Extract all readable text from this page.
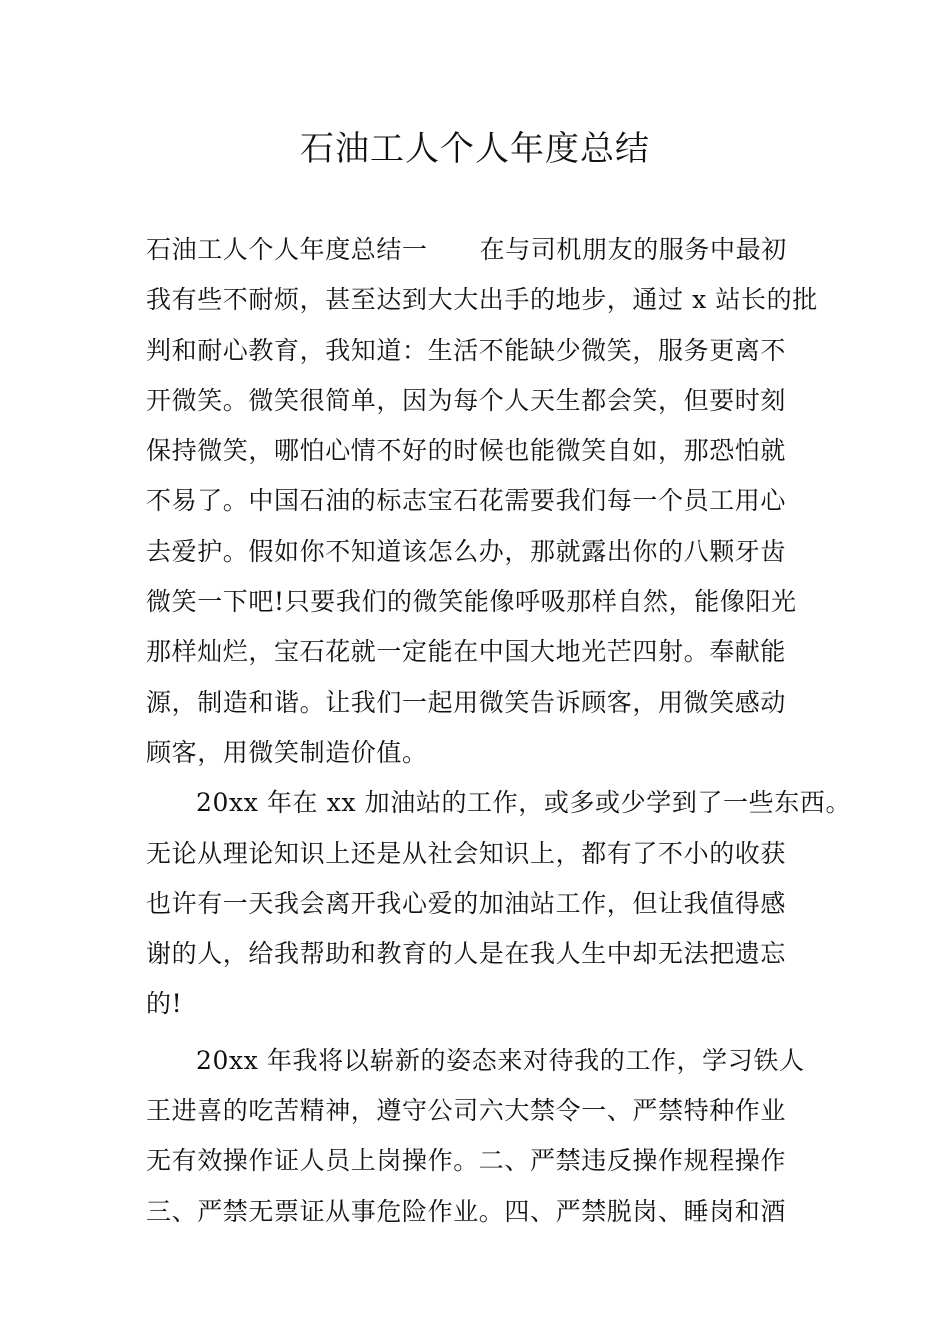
石油工人个人年度总结
石油工人个人年度总结一 在与司机朋友的服务中最初
我有些不耐烦，甚至达到大大出手的地步，通过 x 站长的批
判和耐心教育，我知道：生活不能缺少微笑，服务更离不
开微笑。微笑很简单，因为每个人天生都会笑，但要时刻
保持微笑，哪怕心情不好的时候也能微笑自如，那恐怕就
不易了。中国石油的标志宝石花需要我们每一个员工用心
去爱护。假如你不知道该怎么办，那就露出你的八颗牙齿
微笑一下吧!只要我们的微笑能像呼吸那样自然，能像阳光
那样灿烂，宝石花就一定能在中国大地光芒四射。奉献能
源，制造和谐。让我们一起用微笑告诉顾客，用微笑感动
顾客，用微笑制造价值。
20xx 年在 xx 加油站的工作，或多或少学到了一些东西。
无论从理论知识上还是从社会知识上，都有了不小的收获
也许有一天我会离开我心爱的加油站工作，但让我值得感
谢的人，给我帮助和教育的人是在我人生中却无法把遗忘
的!
20xx 年我将以崭新的姿态来对待我的工作，学习铁人
王进喜的吃苦精神，遵守公司六大禁令一、严禁特种作业
无有效操作证人员上岗操作。二、严禁违反操作规程操作
三、严禁无票证从事危险作业。四、严禁脱岗、睡岗和酒
